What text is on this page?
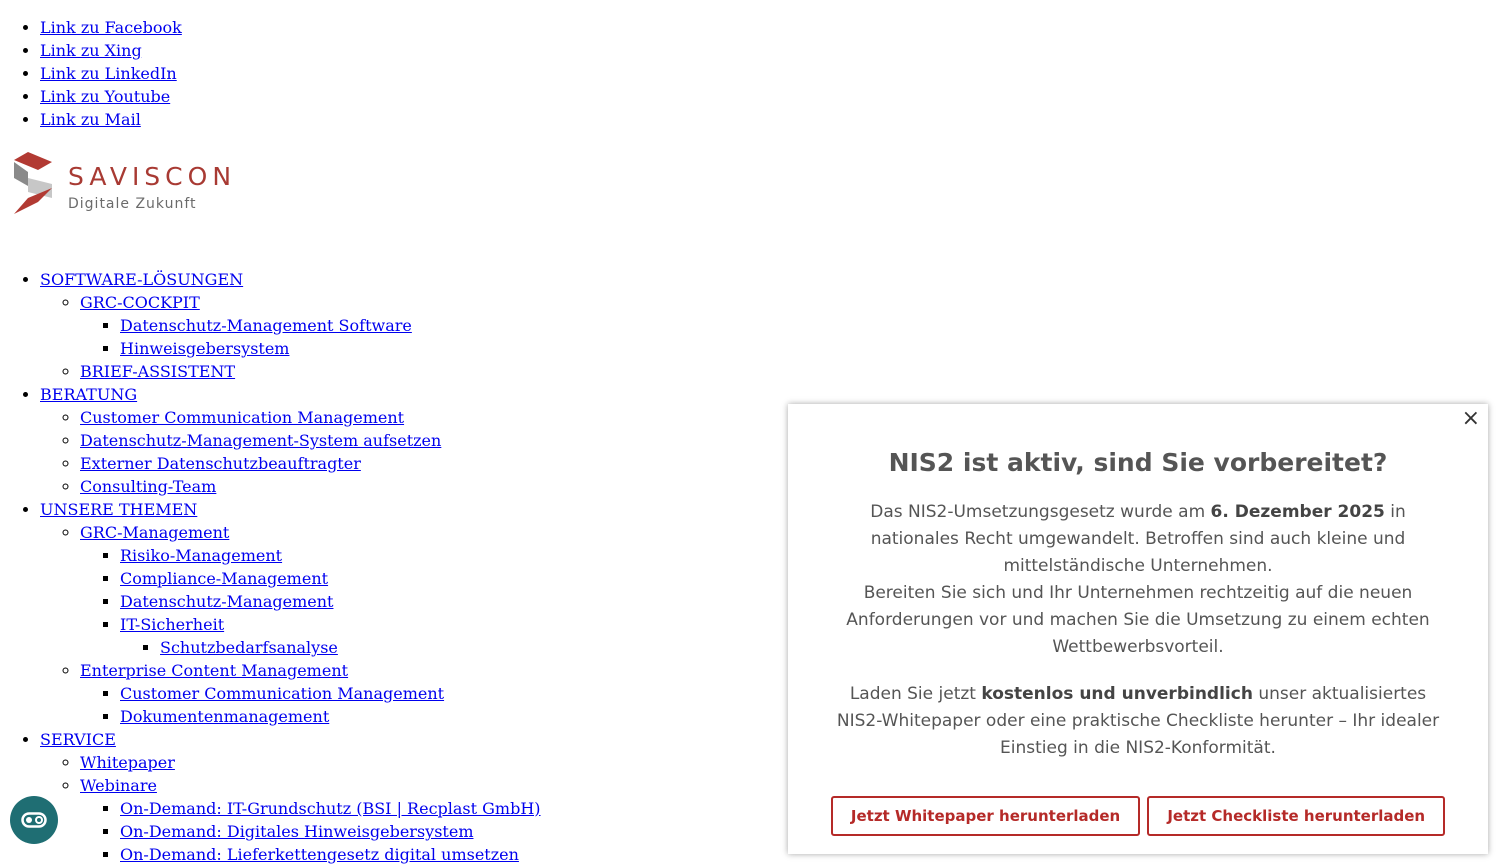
• Link zu Facebook
• Link zu Xing
• Link zu LinkedIn
• Link zu Youtube
• Link zu Mail
SAVISCON
Digitale Zukunft
• SOFTWARE-LÖSUNGEN
◦ GRC-COCKPIT
▪ Datenschutz-Management Software
▪ Hinweisgebersystem
◦ BRIEF-ASSISTENT
• BERATUNG
◦ Customer Communication Management
◦ Datenschutz-Management-System aufsetzen
◦ Externer Datenschutzbeauftragter
◦ Consulting-Team
• UNSERE THEMEN
◦ GRC-Management
▪ Risiko-Management
▪ Compliance-Management
▪ Datenschutz-Management
▪ IT-Sicherheit
▪ Schutzbedarfsanalyse
◦ Enterprise Content Management
▪ Customer Communication Management
▪ Dokumentenmanagement
• SERVICE
◦ Whitepaper
◦ Webinare
▪ On-Demand: IT-Grundschutz (BSI | Recplast GmbH)
▪ On-Demand: Digitales Hinweisgebersystem
▪ On-Demand: Lieferkettengesetz digital umsetzen
×
NIS2 ist aktiv, sind Sie vorbereitet?

Das NIS2-Umsetzungsgesetz wurde am 6. Dezember 2025 in nationales Recht umgewandelt. Betroffen sind auch kleine und mittelständische Unternehmen.

Bereiten Sie sich und Ihr Unternehmen rechtzeitig auf die neuen Anforderungen vor und machen Sie die Umsetzung zu einem echten Wettbewerbsvorteil.

Laden Sie jetzt kostenlos und unverbindlich unser aktualisiertes NIS2-Whitepaper oder eine praktische Checkliste herunter – Ihr idealer Einstieg in die NIS2-Konformität.

Jetzt Whitepaper herunterladen	Jetzt Checkliste herunterladen
